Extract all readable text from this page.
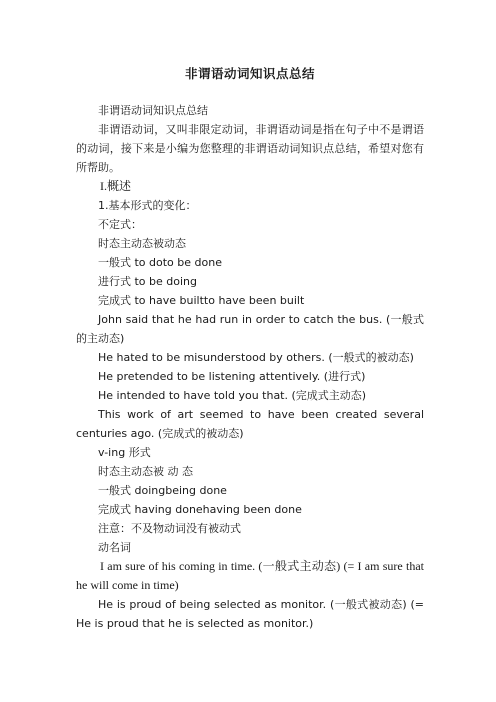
非谓语动词知识点总结

非谓语动词知识点总结

非谓语动词，又叫非限定动词，非谓语动词是指在句子中不是谓语的动词，接下来是小编为您整理的非谓语动词知识点总结，希望对您有所帮助。

I.概述

1.基本形式的变化：

不定式：

时态主动态被动态

一般式 to doto be done

进行式 to be doing

完成式 to have builtto have been built

John said that he had run in order to catch the bus. (一般式的主动态)

He hated to be misunderstood by others. (一般式的被动态)

He pretended to be listening attentively. (进行式)

He intended to have told you that. (完成式主动态)

This work of art seemed to have been created several centuries ago. (完成式的被动态)

v-ing 形式

时态主动态被 动 态

一般式 doingbeing done

完成式 having donehaving been done

注意：不及物动词没有被动式

动名词

I am sure of his coming in time. (一般式主动态) (= I am sure that he will come in time)

He is proud of being selected as monitor. (一般式被动态) (= He is proud that he is selected as monitor.)
